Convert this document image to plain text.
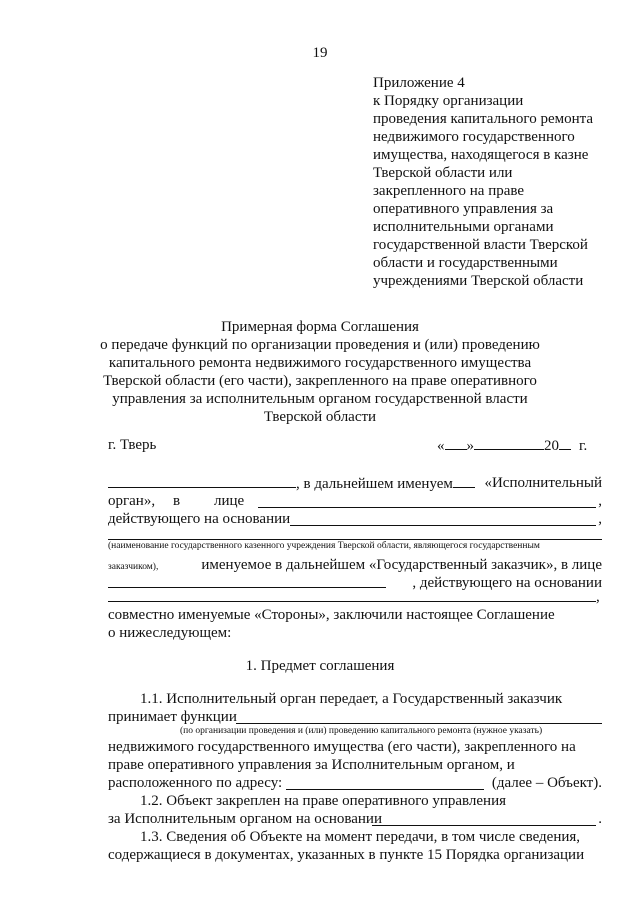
19
Приложение 4
к Порядку организации
проведения капитального ремонта
недвижимого государственного
имущества, находящегося в казне
Тверской области или
закрепленного на праве
оперативного управления за
исполнительными органами
государственной власти Тверской
области и государственными
учреждениями Тверской области
Примерная форма Соглашения
о передаче функций по организации проведения и (или) проведению
капитального ремонта недвижимого государственного имущества
Тверской области (его части), закрепленного на праве оперативного
управления за исполнительным органом государственной власти
Тверской области
г. Тверь	« »	20 г.
, в дальнейшем именуем «Исполнительный
орган», в лице	,
действующего на основании	,
(наименование государственного казенного учреждения Тверской области, являющегося государственным
заказчиком),	именуемое в дальнейшем «Государственный заказчик», в лице
, действующего на основании
,
совместно именуемые «Стороны», заключили настоящее Соглашение
о нижеследующем:
1. Предмет соглашения
1.1. Исполнительный орган передает, а Государственный заказчик
принимает функции
(по организации проведения и (или) проведению капитального ремонта (нужное указать)
недвижимого государственного имущества (его части), закрепленного на
праве оперативного управления за Исполнительным органом, и
расположенного по адресу:	(далее – Объект).
1.2. Объект закреплен на праве оперативного управления
за Исполнительным органом на основании	.
1.3. Сведения об Объекте на момент передачи, в том числе сведения,
содержащиеся в документах, указанных в пункте 15 Порядка организации
